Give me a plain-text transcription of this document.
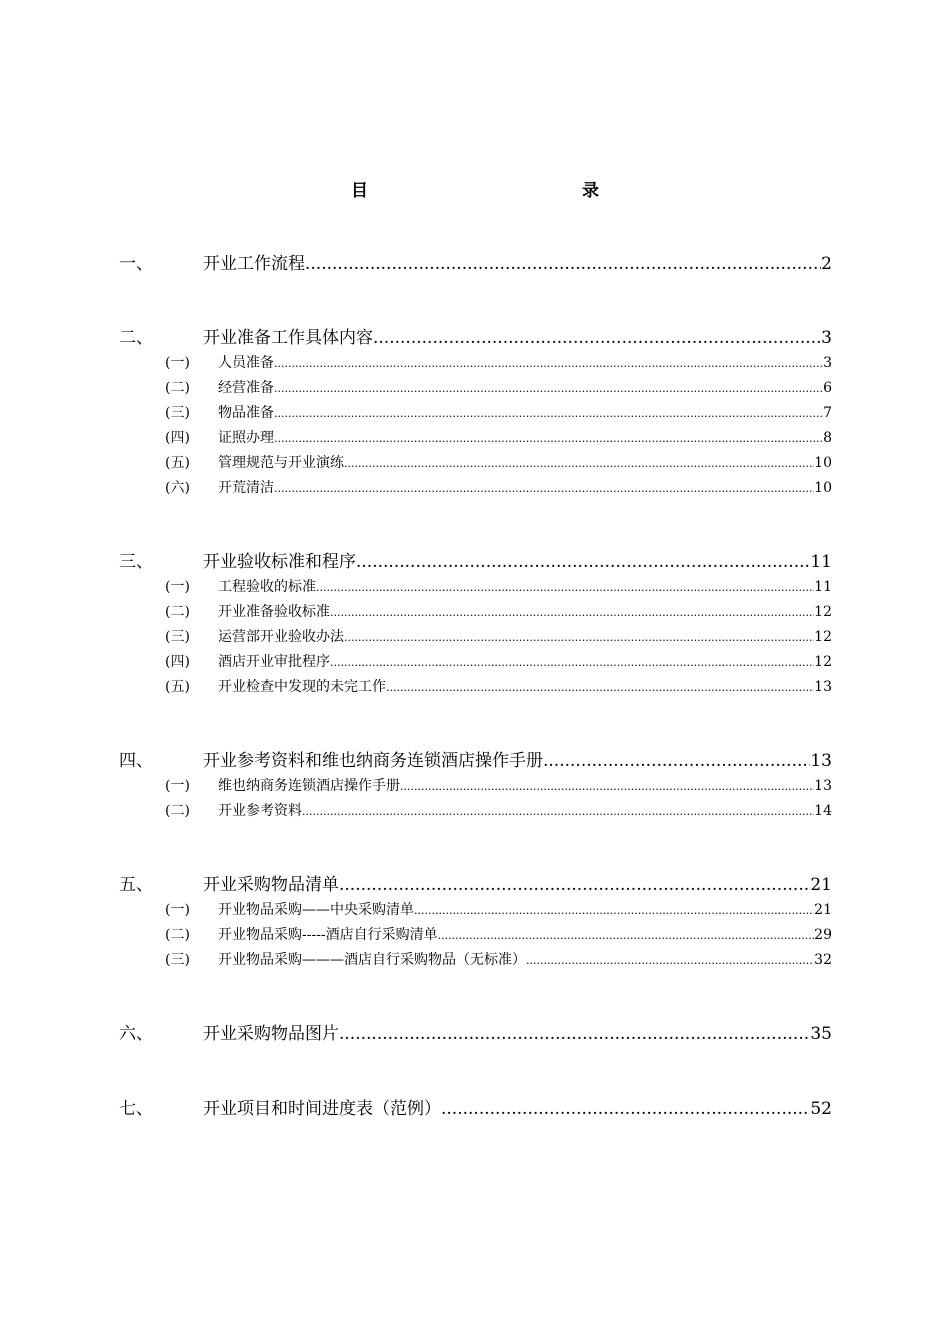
目　　录
一、	开业工作流程 .....	2
二、	开业准备工作具体内容 .....	3
(一)	人员准备 .....	3
(二)	经营准备 .....	6
(三)	物品准备 .....	7
(四)	证照办理 .....	8
(五)	管理规范与开业演练 .....	10
(六)	开荒清洁 .....	10
三、	开业验收标准和程序 .....	11
(一)	工程验收的标准 .....	11
(二)	开业准备验收标准 .....	12
(三)	运营部开业验收办法 .....	12
(四)	酒店开业审批程序 .....	12
(五)	开业检查中发现的未完工作 .....	13
四、	开业参考资料和维也纳商务连锁酒店操作手册 .....	13
(一)	维也纳商务连锁酒店操作手册 .....	13
(二)	开业参考资料 .....	14
五、	开业采购物品清单 .....	21
(一)	开业物品采购——中央采购清单 .....	21
(二)	开业物品采购-----酒店自行采购清单 .....	29
(三)	开业物品采购———酒店自行采购物品（无标准） .....	32
六、	开业采购物品图片 .....	35
七、	开业项目和时间进度表（范例） .....	52
